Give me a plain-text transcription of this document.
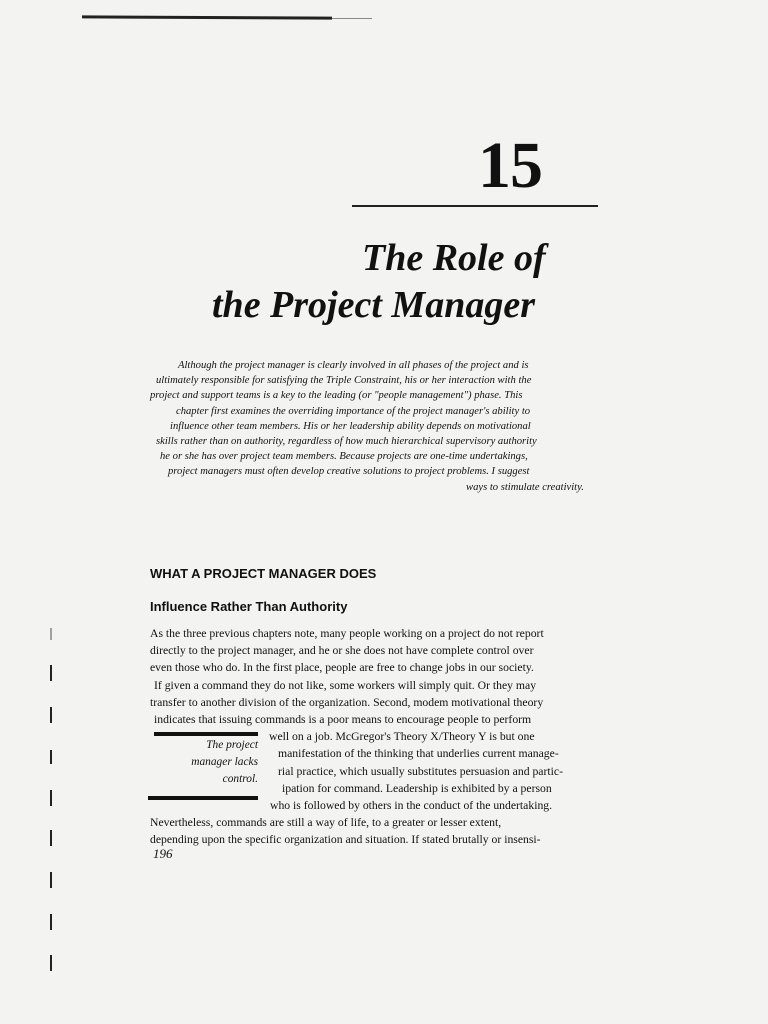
15
The Role of
the Project Manager
Although the project manager is clearly involved in all phases of the project and is
ultimately responsible for satisfying the Triple Constraint, his or her interaction with the
project and support teams is a key to the leading (or "people management") phase. This
chapter first examines the overriding importance of the project manager's ability to
influence other team members. His or her leadership ability depends on motivational
skills rather than on authority, regardless of how much hierarchical supervisory authority
he or she has over project team members. Because projects are one-time undertakings,
project managers must often develop creative solutions to project problems. I suggest
ways to stimulate creativity.
WHAT A PROJECT MANAGER DOES
Influence Rather Than Authority
As the three previous chapters note, many people working on a project do not report
directly to the project manager, and he or she does not have complete control over
even those who do. In the first place, people are free to change jobs in our society.
If given a command they do not like, some workers will simply quit. Or they may
transfer to another division of the organization. Second, modem motivational theory
indicates that issuing commands is a poor means to encourage people to perform
well on a job. McGregor's Theory X/Theory Y is but one
manifestation of the thinking that underlies current manage-
rial practice, which usually substitutes persuasion and partic-
ipation for command. Leadership is exhibited by a person
who is followed by others in the conduct of the undertaking.
Nevertheless, commands are still a way of life, to a greater or lesser extent,
depending upon the specific organization and situation. If stated brutally or insensi-
The project
manager lacks
control.
196
